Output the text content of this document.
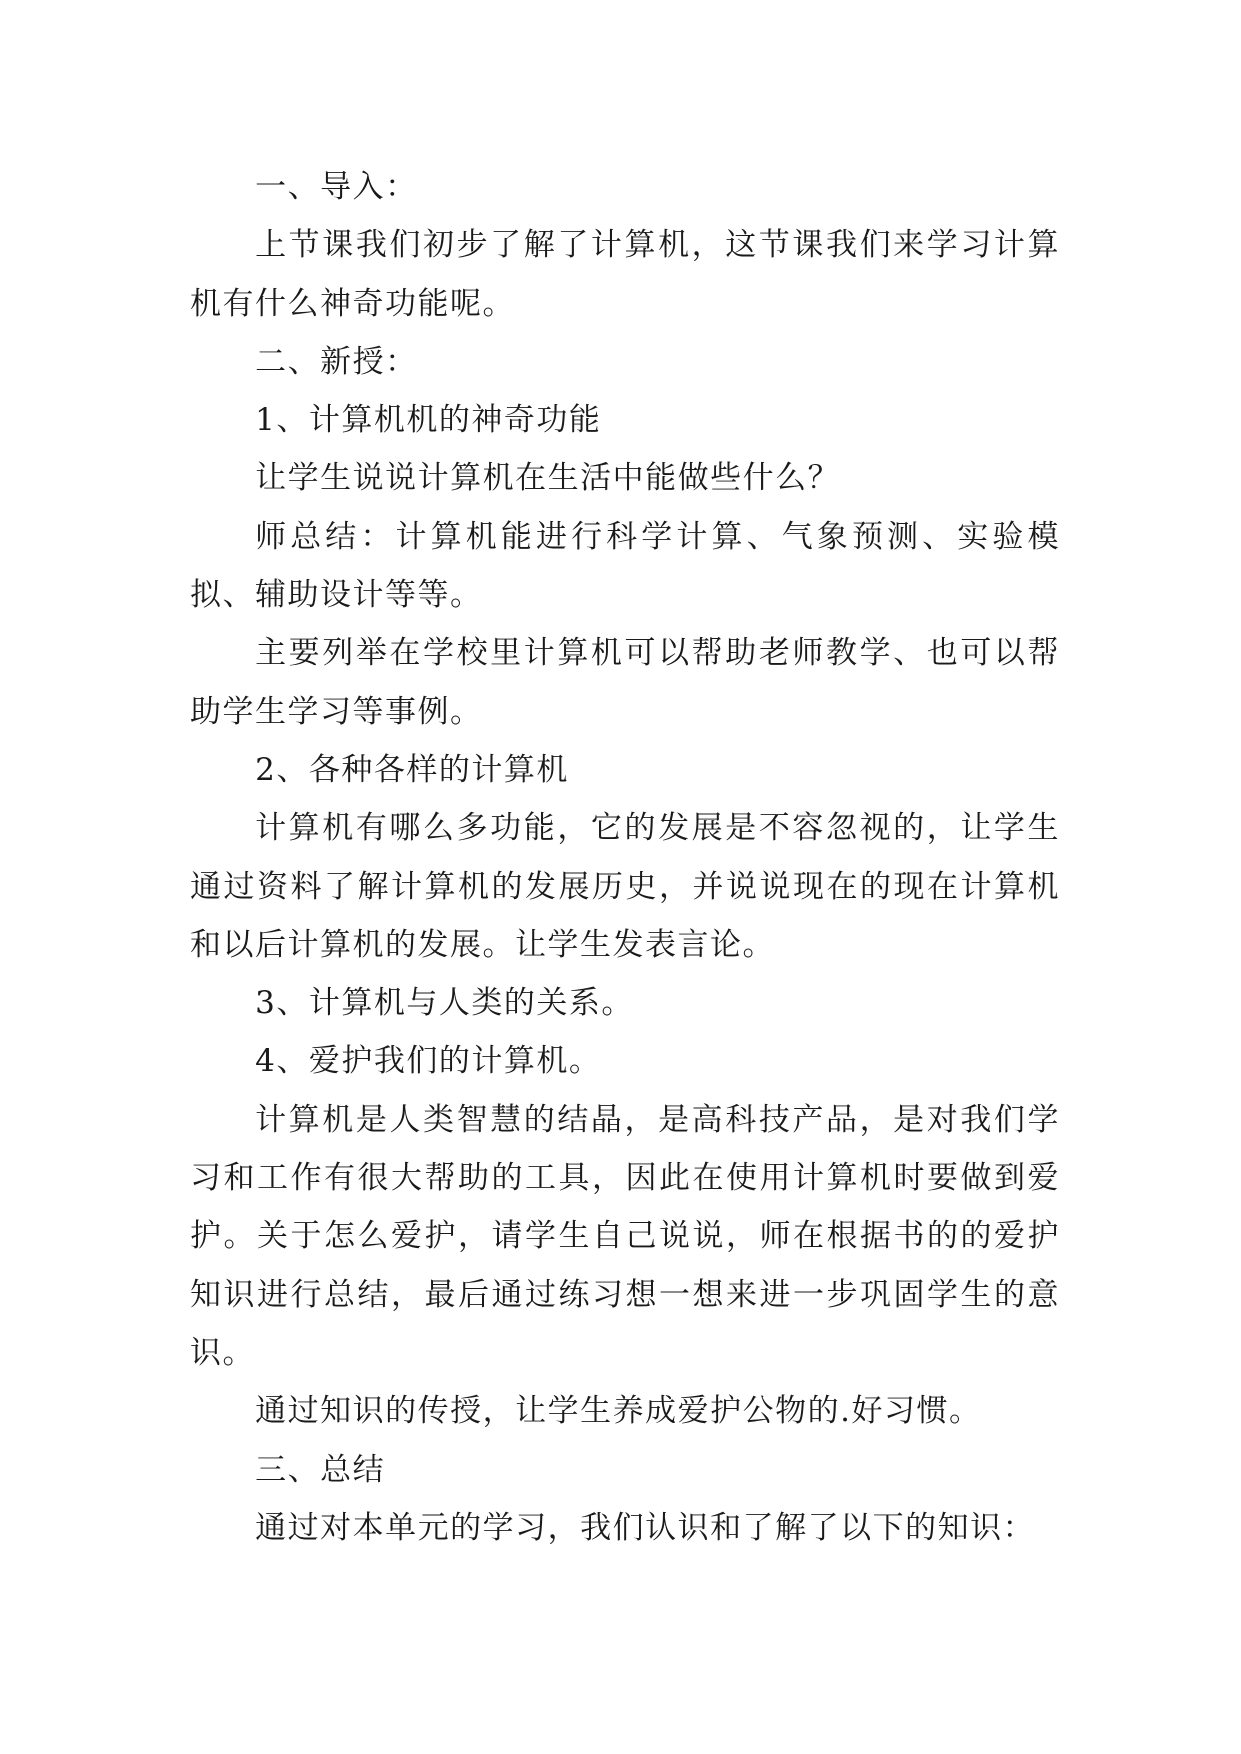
一、导入：

上节课我们初步了解了计算机，这节课我们来学习计算机有什么神奇功能呢。

二、新授：

1、计算机机的神奇功能

让学生说说计算机在生活中能做些什么？

师总结：计算机能进行科学计算、气象预测、实验模拟、辅助设计等等。

主要列举在学校里计算机可以帮助老师教学、也可以帮助学生学习等事例。

2、各种各样的计算机

计算机有哪么多功能，它的发展是不容忽视的，让学生通过资料了解计算机的发展历史，并说说现在的现在计算机和以后计算机的发展。让学生发表言论。

3、计算机与人类的关系。

4、爱护我们的计算机。

计算机是人类智慧的结晶，是高科技产品，是对我们学习和工作有很大帮助的工具，因此在使用计算机时要做到爱护。关于怎么爱护，请学生自己说说，师在根据书的的爱护知识进行总结，最后通过练习想一想来进一步巩固学生的意识。

通过知识的传授，让学生养成爱护公物的.好习惯。

三、总结

通过对本单元的学习，我们认识和了解了以下的知识：
